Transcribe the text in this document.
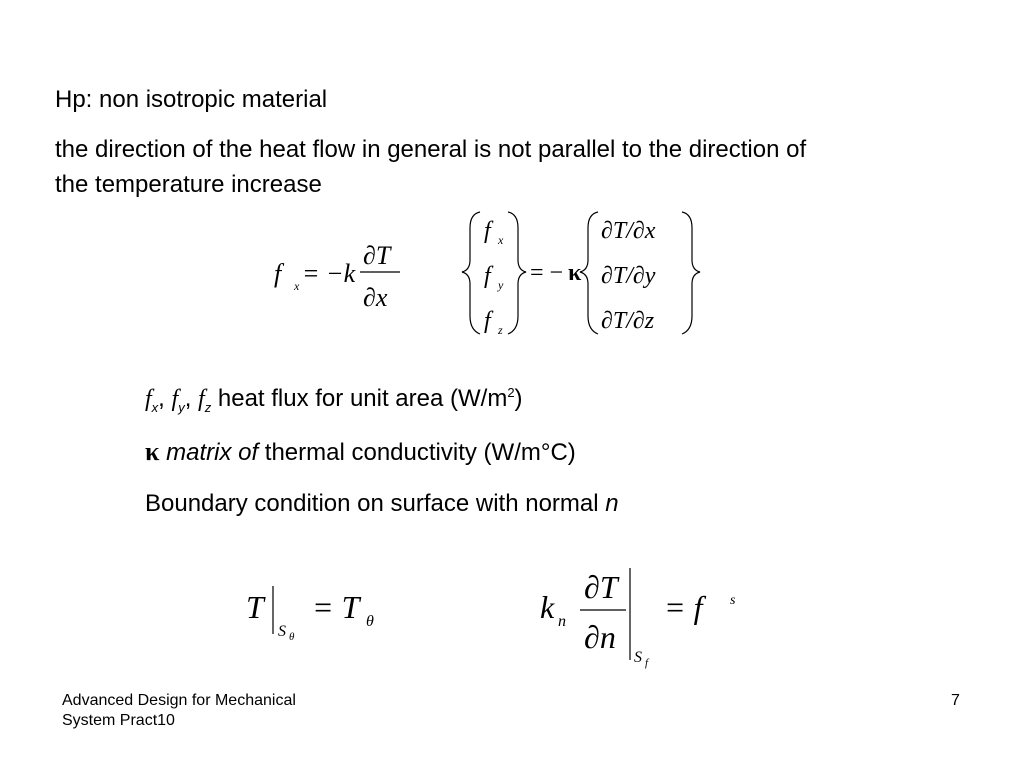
Hp: non isotropic material
the direction of the heat flow in general is not parallel to the direction of
the temperature increase
f	x = −k
∂T
∂x
f x
f y
f z
= − κ
∂T/∂x
∂T/∂y
∂T/∂z
$f_x$, $f_y$, $f_z$ heat flux for unit area $(W/m^2)$
κ matrix of thermal conductivity (W/m°C)
Boundary condition on surface with normal n
T
S θ
= T θ	k n
∂T
∂n
S f
= f s
Advanced Design for Mechanical
System Pract10
7
